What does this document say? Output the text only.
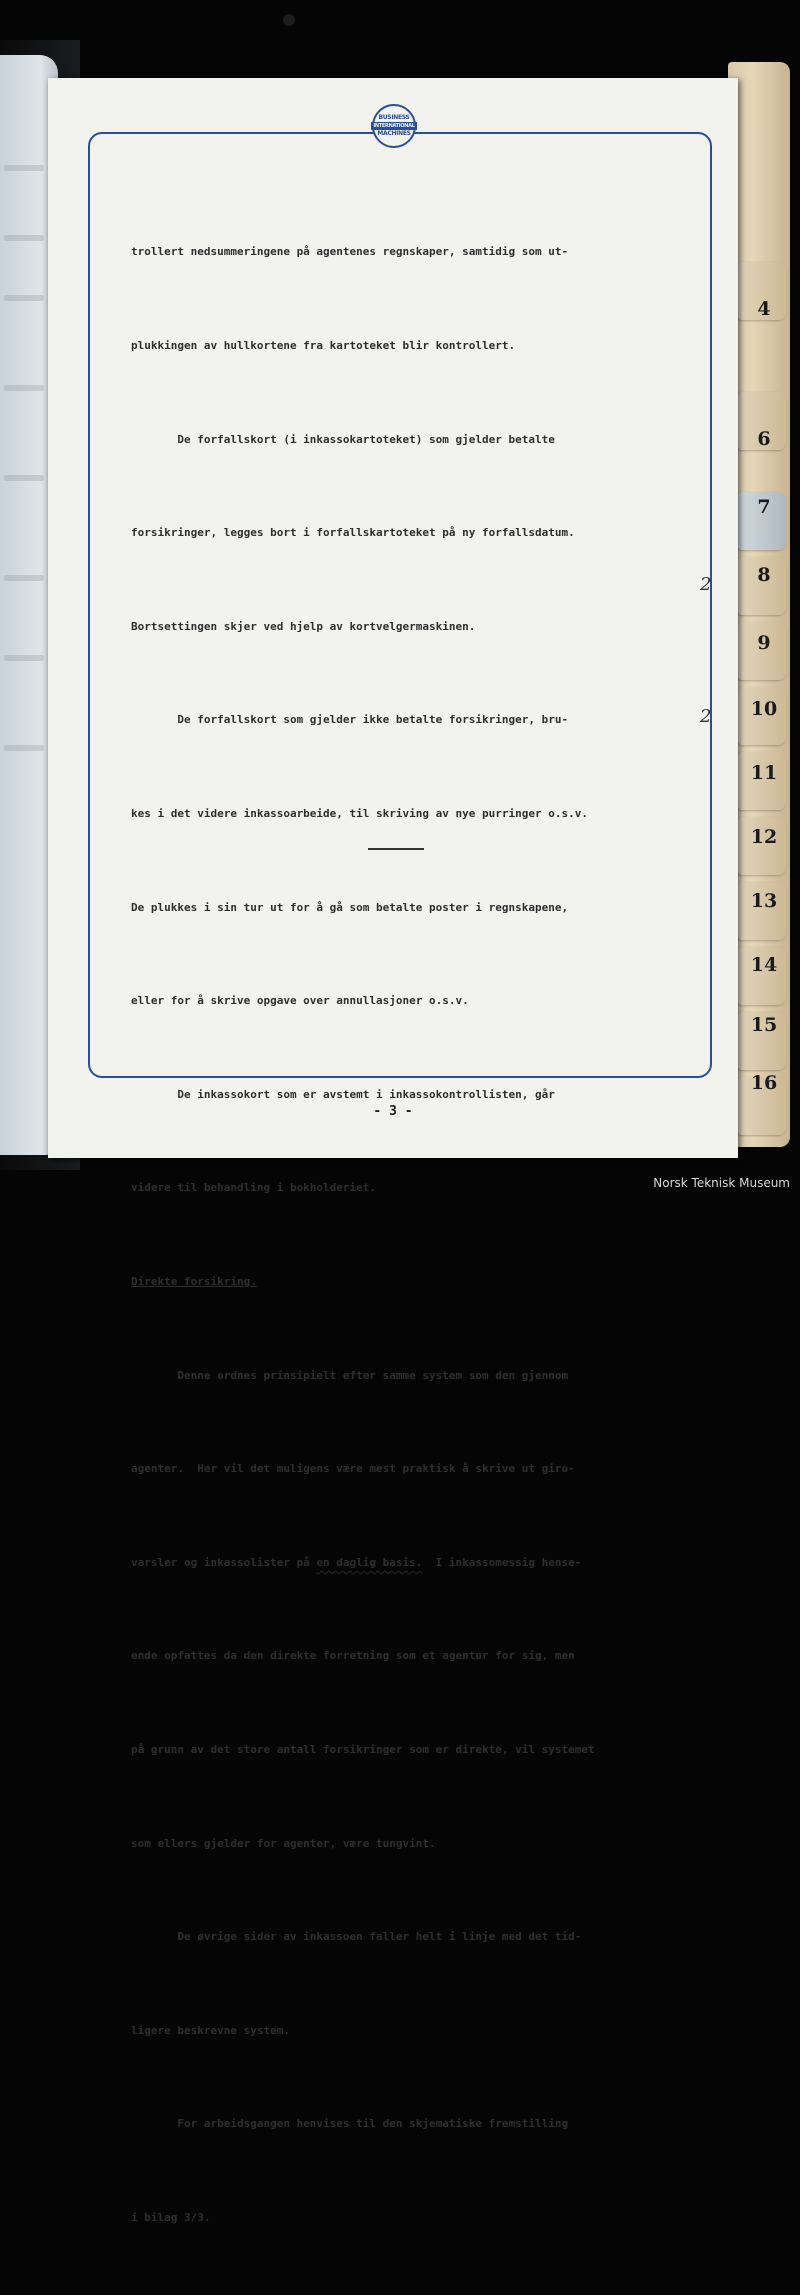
4
6
7
8
9
10
11
12
13
14
15
16
BUSINESS
INTERNATIONAL
MACHINES

trollert nedsummeringene på agentenes regnskaper, samtidig som ut-

plukkingen av hullkortene fra kartoteket blir kontrollert.

De forfallskort (i inkassokartoteket) som gjelder betalte

forsikringer, legges bort i forfallskartoteket på ny forfallsdatum.

Bortsettingen skjer ved hjelp av kortvelgermaskinen.

De forfallskort som gjelder ikke betalte forsikringer, bru-

kes i det videre inkassoarbeide, til skriving av nye purringer o.s.v.

De plukkes i sin tur ut for å gå som betalte poster i regnskapene,

eller for å skrive opgave over annullasjoner o.s.v.

De inkassokort som er avstemt i inkassokontrollisten, går

videre til behandling i bokholderiet.

Direkte forsikring.

Denne ordnes prinsipielt efter samme system som den gjennom

agenter.  Her vil det muligens være mest praktisk å skrive ut giro-

varsler og inkassolister på en daglig basis.  I inkassomessig hense-

ende opfattes da den direkte forretning som et agentur for sig, men

på grunn av det store antall forsikringer som er direkte, vil systemet

som ellers gjelder for agenter, være tungvint.

De øvrige sider av inkassoen faller helt i linje med det tid-

ligere beskrevne system.

For arbeidsgangen henvises til den skjematiske fremstilling

i bilag 3/3.

2
2
- 3 -
Norsk Teknisk Museum
